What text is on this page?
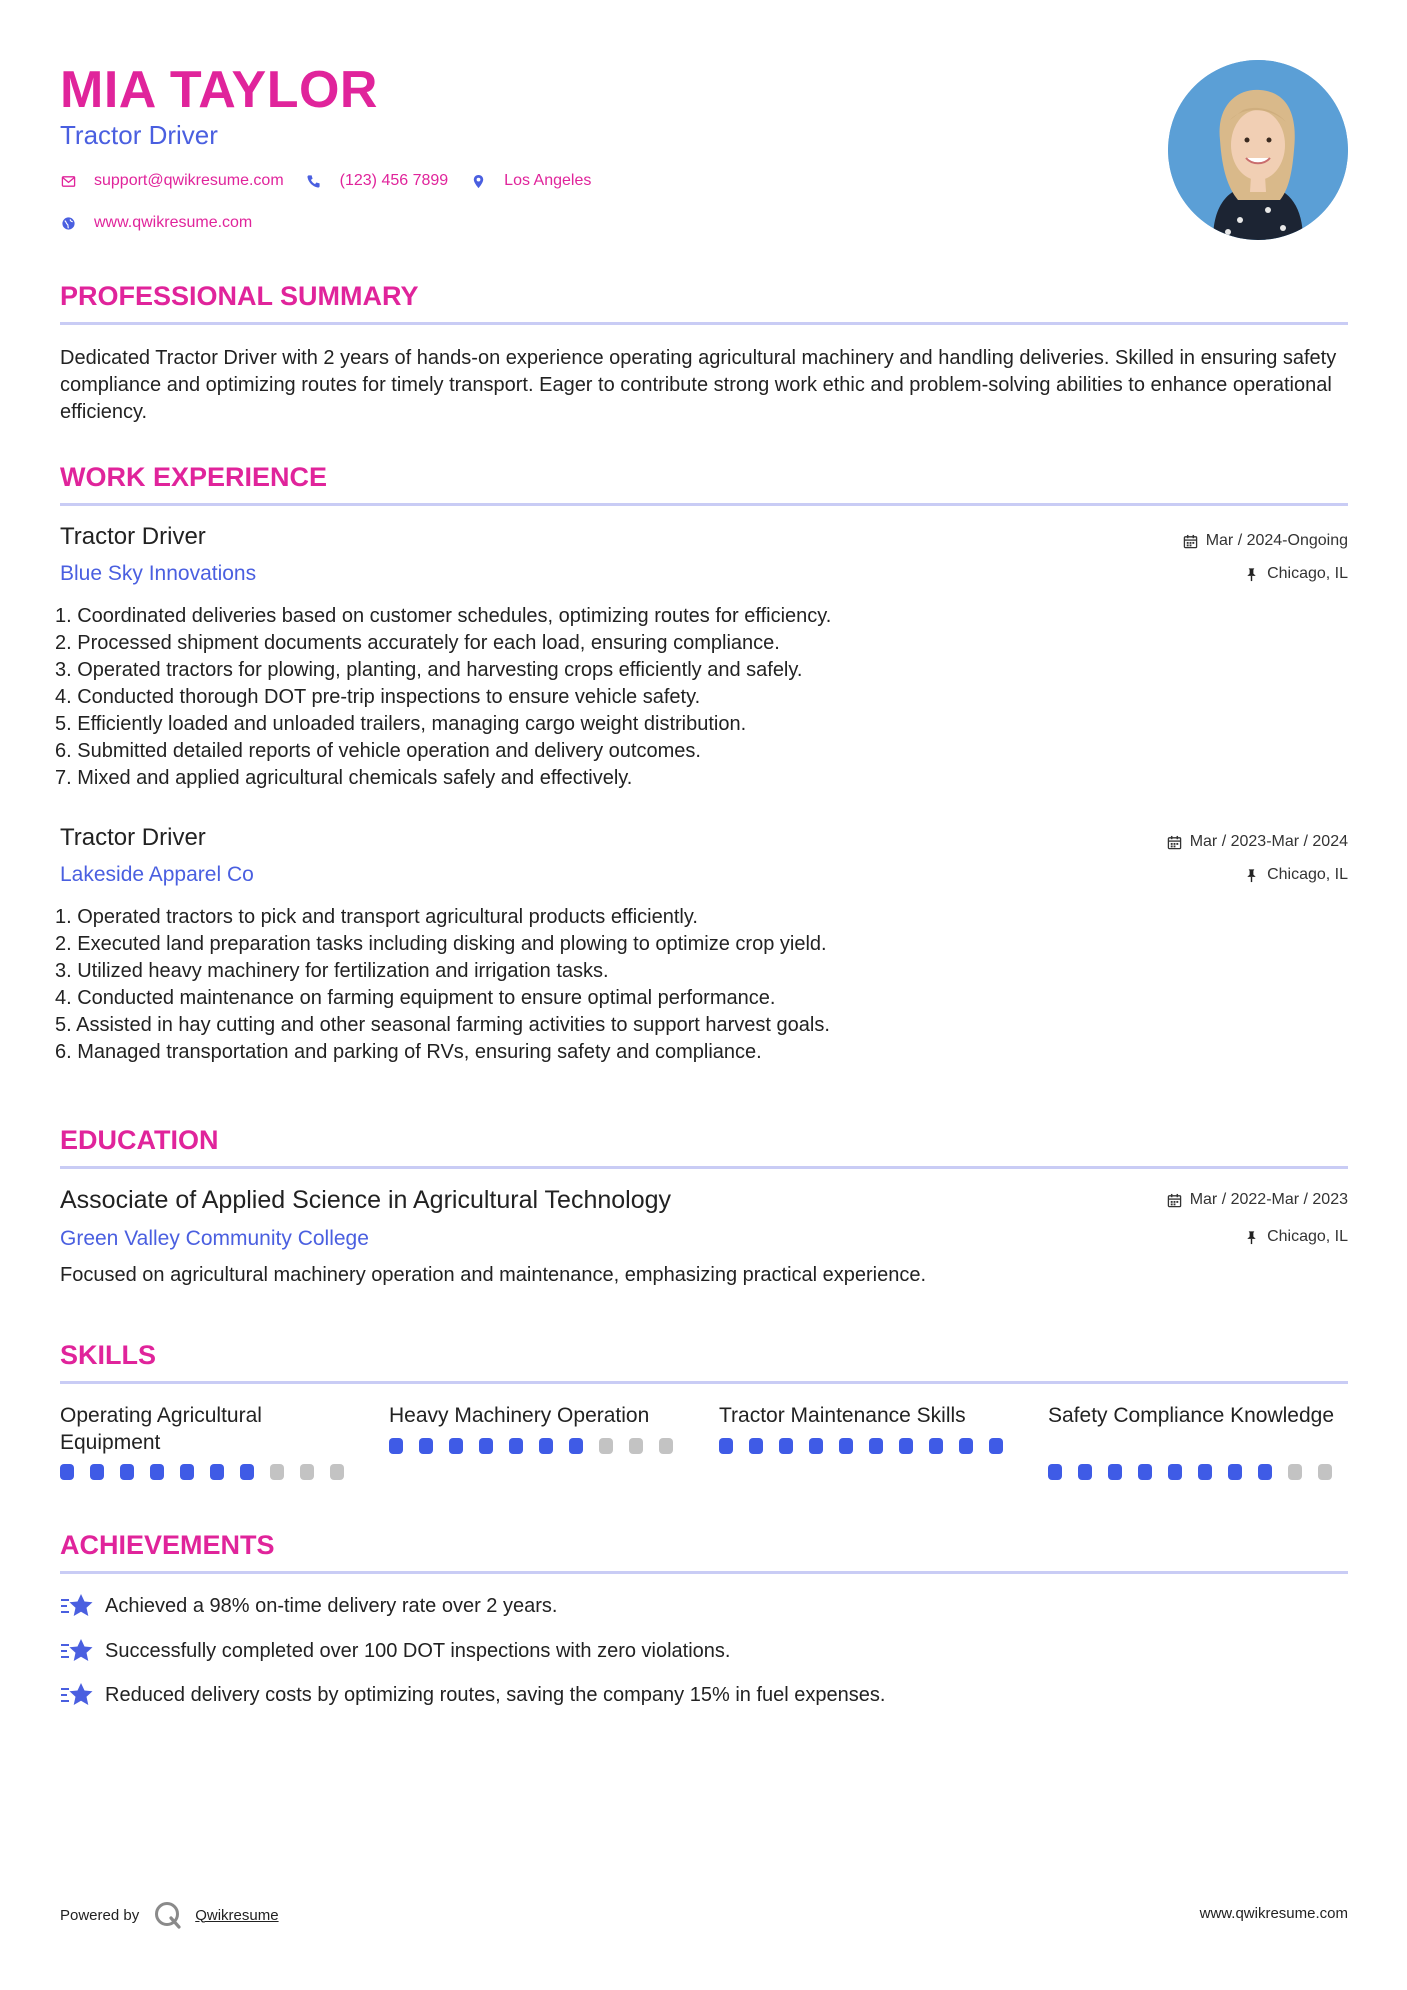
MIA TAYLOR
Tractor Driver
support@qwikresume.com	(123) 456 7899	Los Angeles
www.qwikresume.com
PROFESSIONAL SUMMARY
Dedicated Tractor Driver with 2 years of hands-on experience operating agricultural machinery and handling deliveries. Skilled in ensuring safety compliance and optimizing routes for timely transport. Eager to contribute strong work ethic and problem-solving abilities to enhance operational efficiency.
WORK EXPERIENCE
Tractor Driver
Blue Sky Innovations
Mar / 2024-Ongoing
Chicago, IL
1. Coordinated deliveries based on customer schedules, optimizing routes for efficiency.
2. Processed shipment documents accurately for each load, ensuring compliance.
3. Operated tractors for plowing, planting, and harvesting crops efficiently and safely.
4. Conducted thorough DOT pre-trip inspections to ensure vehicle safety.
5. Efficiently loaded and unloaded trailers, managing cargo weight distribution.
6. Submitted detailed reports of vehicle operation and delivery outcomes.
7. Mixed and applied agricultural chemicals safely and effectively.
Tractor Driver
Lakeside Apparel Co
Mar / 2023-Mar / 2024
Chicago, IL
1. Operated tractors to pick and transport agricultural products efficiently.
2. Executed land preparation tasks including disking and plowing to optimize crop yield.
3. Utilized heavy machinery for fertilization and irrigation tasks.
4. Conducted maintenance on farming equipment to ensure optimal performance.
5. Assisted in hay cutting and other seasonal farming activities to support harvest goals.
6. Managed transportation and parking of RVs, ensuring safety and compliance.
EDUCATION
Associate of Applied Science in Agricultural Technology
Green Valley Community College
Mar / 2022-Mar / 2023
Chicago, IL
Focused on agricultural machinery operation and maintenance, emphasizing practical experience.
SKILLS
Operating Agricultural Equipment
Heavy Machinery Operation	Tractor Maintenance Skills	Safety Compliance Knowledge
ACHIEVEMENTS
Achieved a 98% on-time delivery rate over 2 years.
Successfully completed over 100 DOT inspections with zero violations.
Reduced delivery costs by optimizing routes, saving the company 15% in fuel expenses.
Powered by	Qwikresume	www.qwikresume.com
